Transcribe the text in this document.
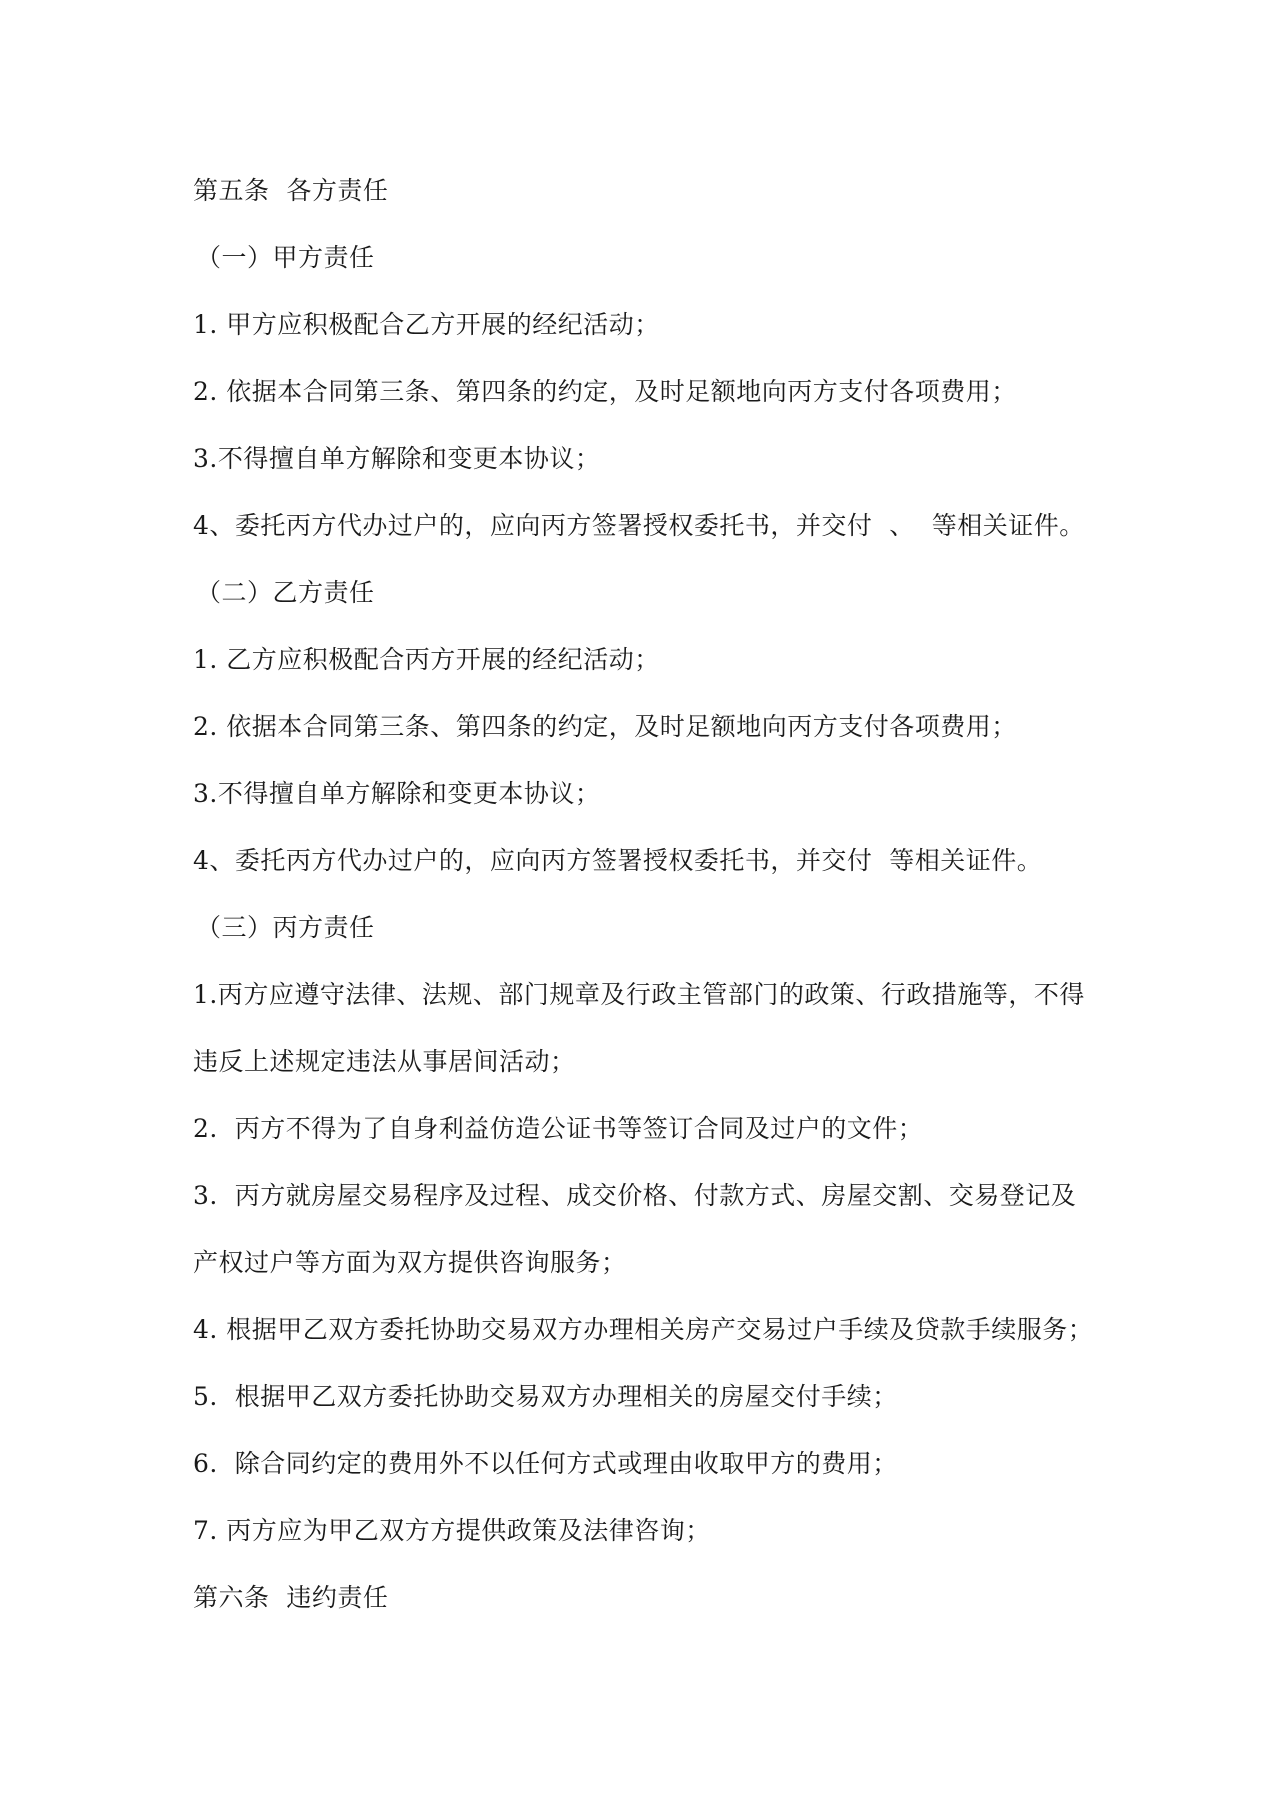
第五条  各方责任
（一）甲方责任
1. 甲方应积极配合乙方开展的经纪活动；
2. 依据本合同第三条、第四条的约定，及时足额地向丙方支付各项费用；
3.不得擅自单方解除和变更本协议；
4、委托丙方代办过户的，应向丙方签署授权委托书，并交付  、  等相关证件。
（二）乙方责任
1. 乙方应积极配合丙方开展的经纪活动；
2. 依据本合同第三条、第四条的约定，及时足额地向丙方支付各项费用；
3.不得擅自单方解除和变更本协议；
4、委托丙方代办过户的，应向丙方签署授权委托书，并交付  等相关证件。
（三）丙方责任
1.丙方应遵守法律、法规、部门规章及行政主管部门的政策、行政措施等，不得
违反上述规定违法从事居间活动；
2.  丙方不得为了自身利益仿造公证书等签订合同及过户的文件；
3.  丙方就房屋交易程序及过程、成交价格、付款方式、房屋交割、交易登记及
产权过户等方面为双方提供咨询服务；
4. 根据甲乙双方委托协助交易双方办理相关房产交易过户手续及贷款手续服务；
5.  根据甲乙双方委托协助交易双方办理相关的房屋交付手续；
6.  除合同约定的费用外不以任何方式或理由收取甲方的费用；
7. 丙方应为甲乙双方方提供政策及法律咨询；
第六条  违约责任
